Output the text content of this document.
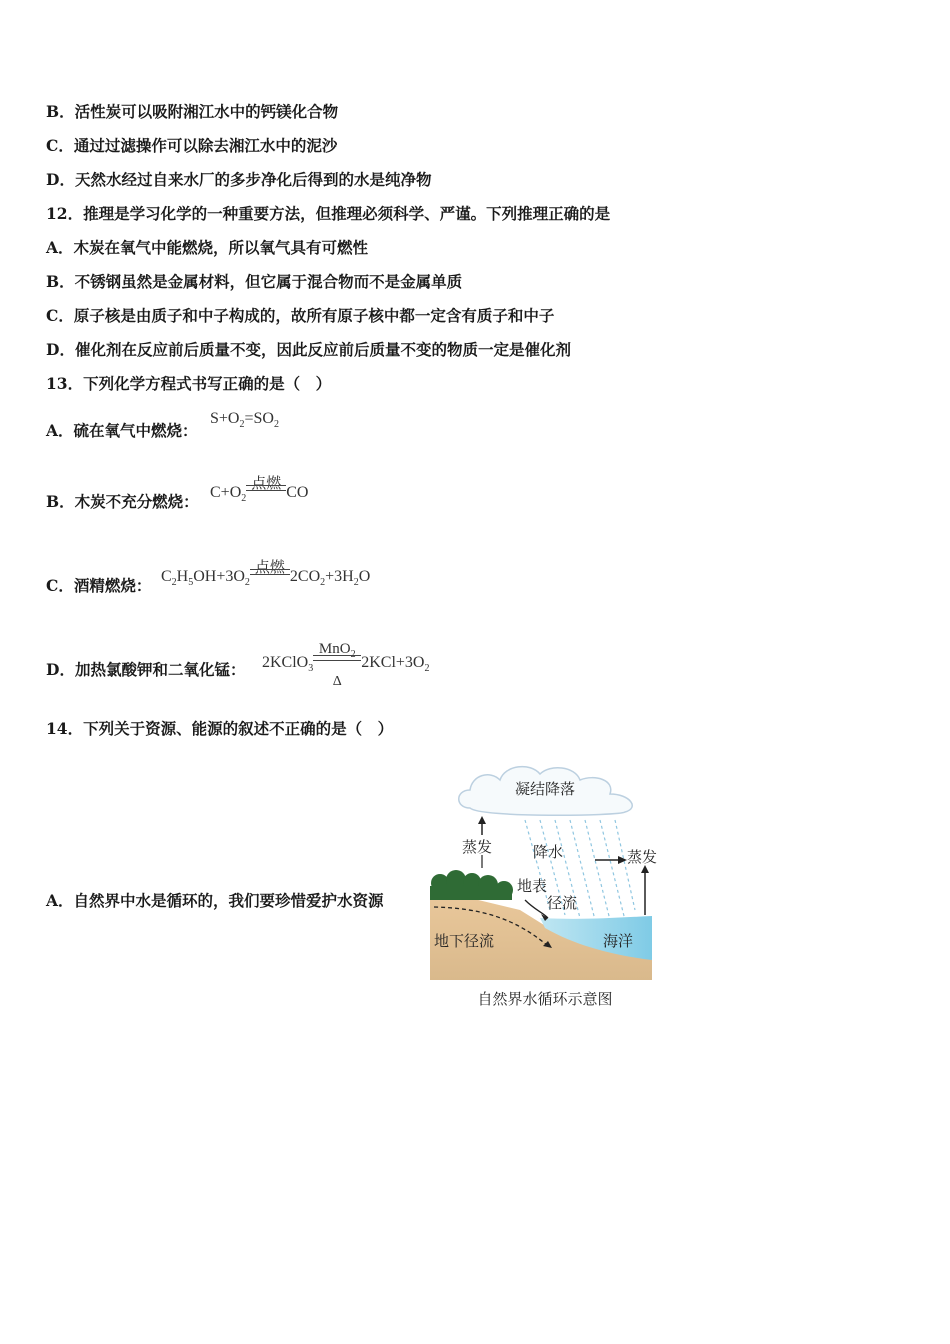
B．活性炭可以吸附湘江水中的钙镁化合物
C．通过过滤操作可以除去湘江水中的泥沙
D．天然水经过自来水厂的多步净化后得到的水是纯净物
12．推理是学习化学的一种重要方法，但推理必须科学、严谨。下列推理正确的是
A．木炭在氧气中能燃烧，所以氧气具有可燃性
B．不锈钢虽然是金属材料，但它属于混合物而不是金属单质
C．原子核是由质子和中子构成的，故所有原子核中都一定含有质子和中子
D．催化剂在反应前后质量不变，因此反应前后质量不变的物质一定是催化剂
13．下列化学方程式书写正确的是（　）
A．硫在氧气中燃烧：
$S+O_2=SO_2$
B．木炭不充分燃烧： $C+O_2$
点燃
CO
C．酒精燃烧： $C_2H_5OH+3O_2$
点燃
$2CO_2+3H_2O$
D．加热氯酸钾和二氧化锰： 2KClO$_3$
MnO$_2$
Δ
$2KCl+3O_2$
14．下列关于资源、能源的叙述不正确的是（　）
A．自然界中水是循环的，我们要珍惜爱护水资源
凝结降落
蒸发	降水	蒸发
地表
径流
地下径流	海洋
自然界水循环示意图
